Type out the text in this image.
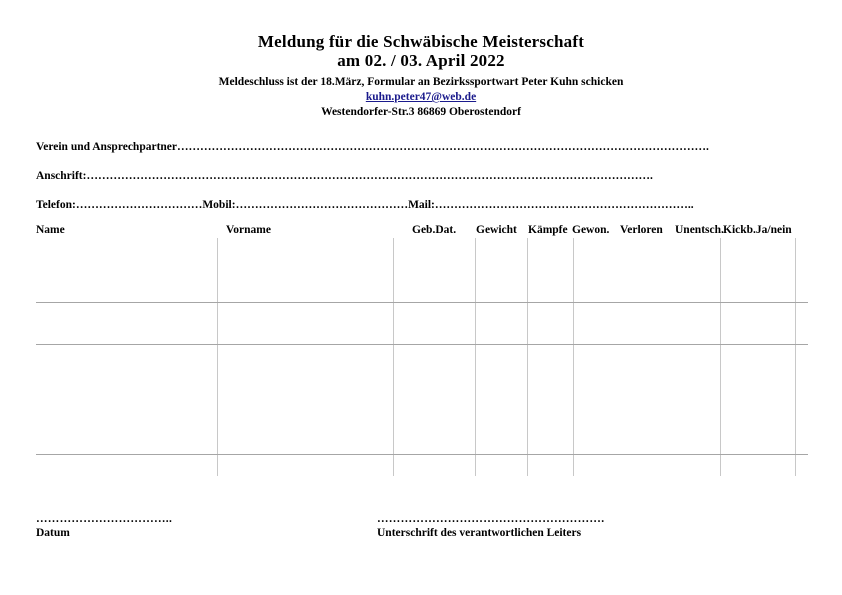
Meldung für die Schwäbische Meisterschaft
am 02. / 03. April 2022
Meldeschluss ist der 18.März, Formular an Bezirkssportwart Peter Kuhn schicken
kuhn.peter47@web.de
Westendorfer-Str.3 86869 Oberostendorf
Verein und Ansprechpartner………………………………………………………………………………………………………………………….
Anschrift:………………………………………………………………………………………………………………………………….
Telefon:……………………………Mobil:………………………………………Mail:…………………………………………………………..
Name	Vorname	Geb.Dat. Gewicht Kämpfe Gewon. Verloren Unentsch. Kickb.Ja/nein
……………………………..
Datum
………………………………………………….
Unterschrift des verantwortlichen Leiters
